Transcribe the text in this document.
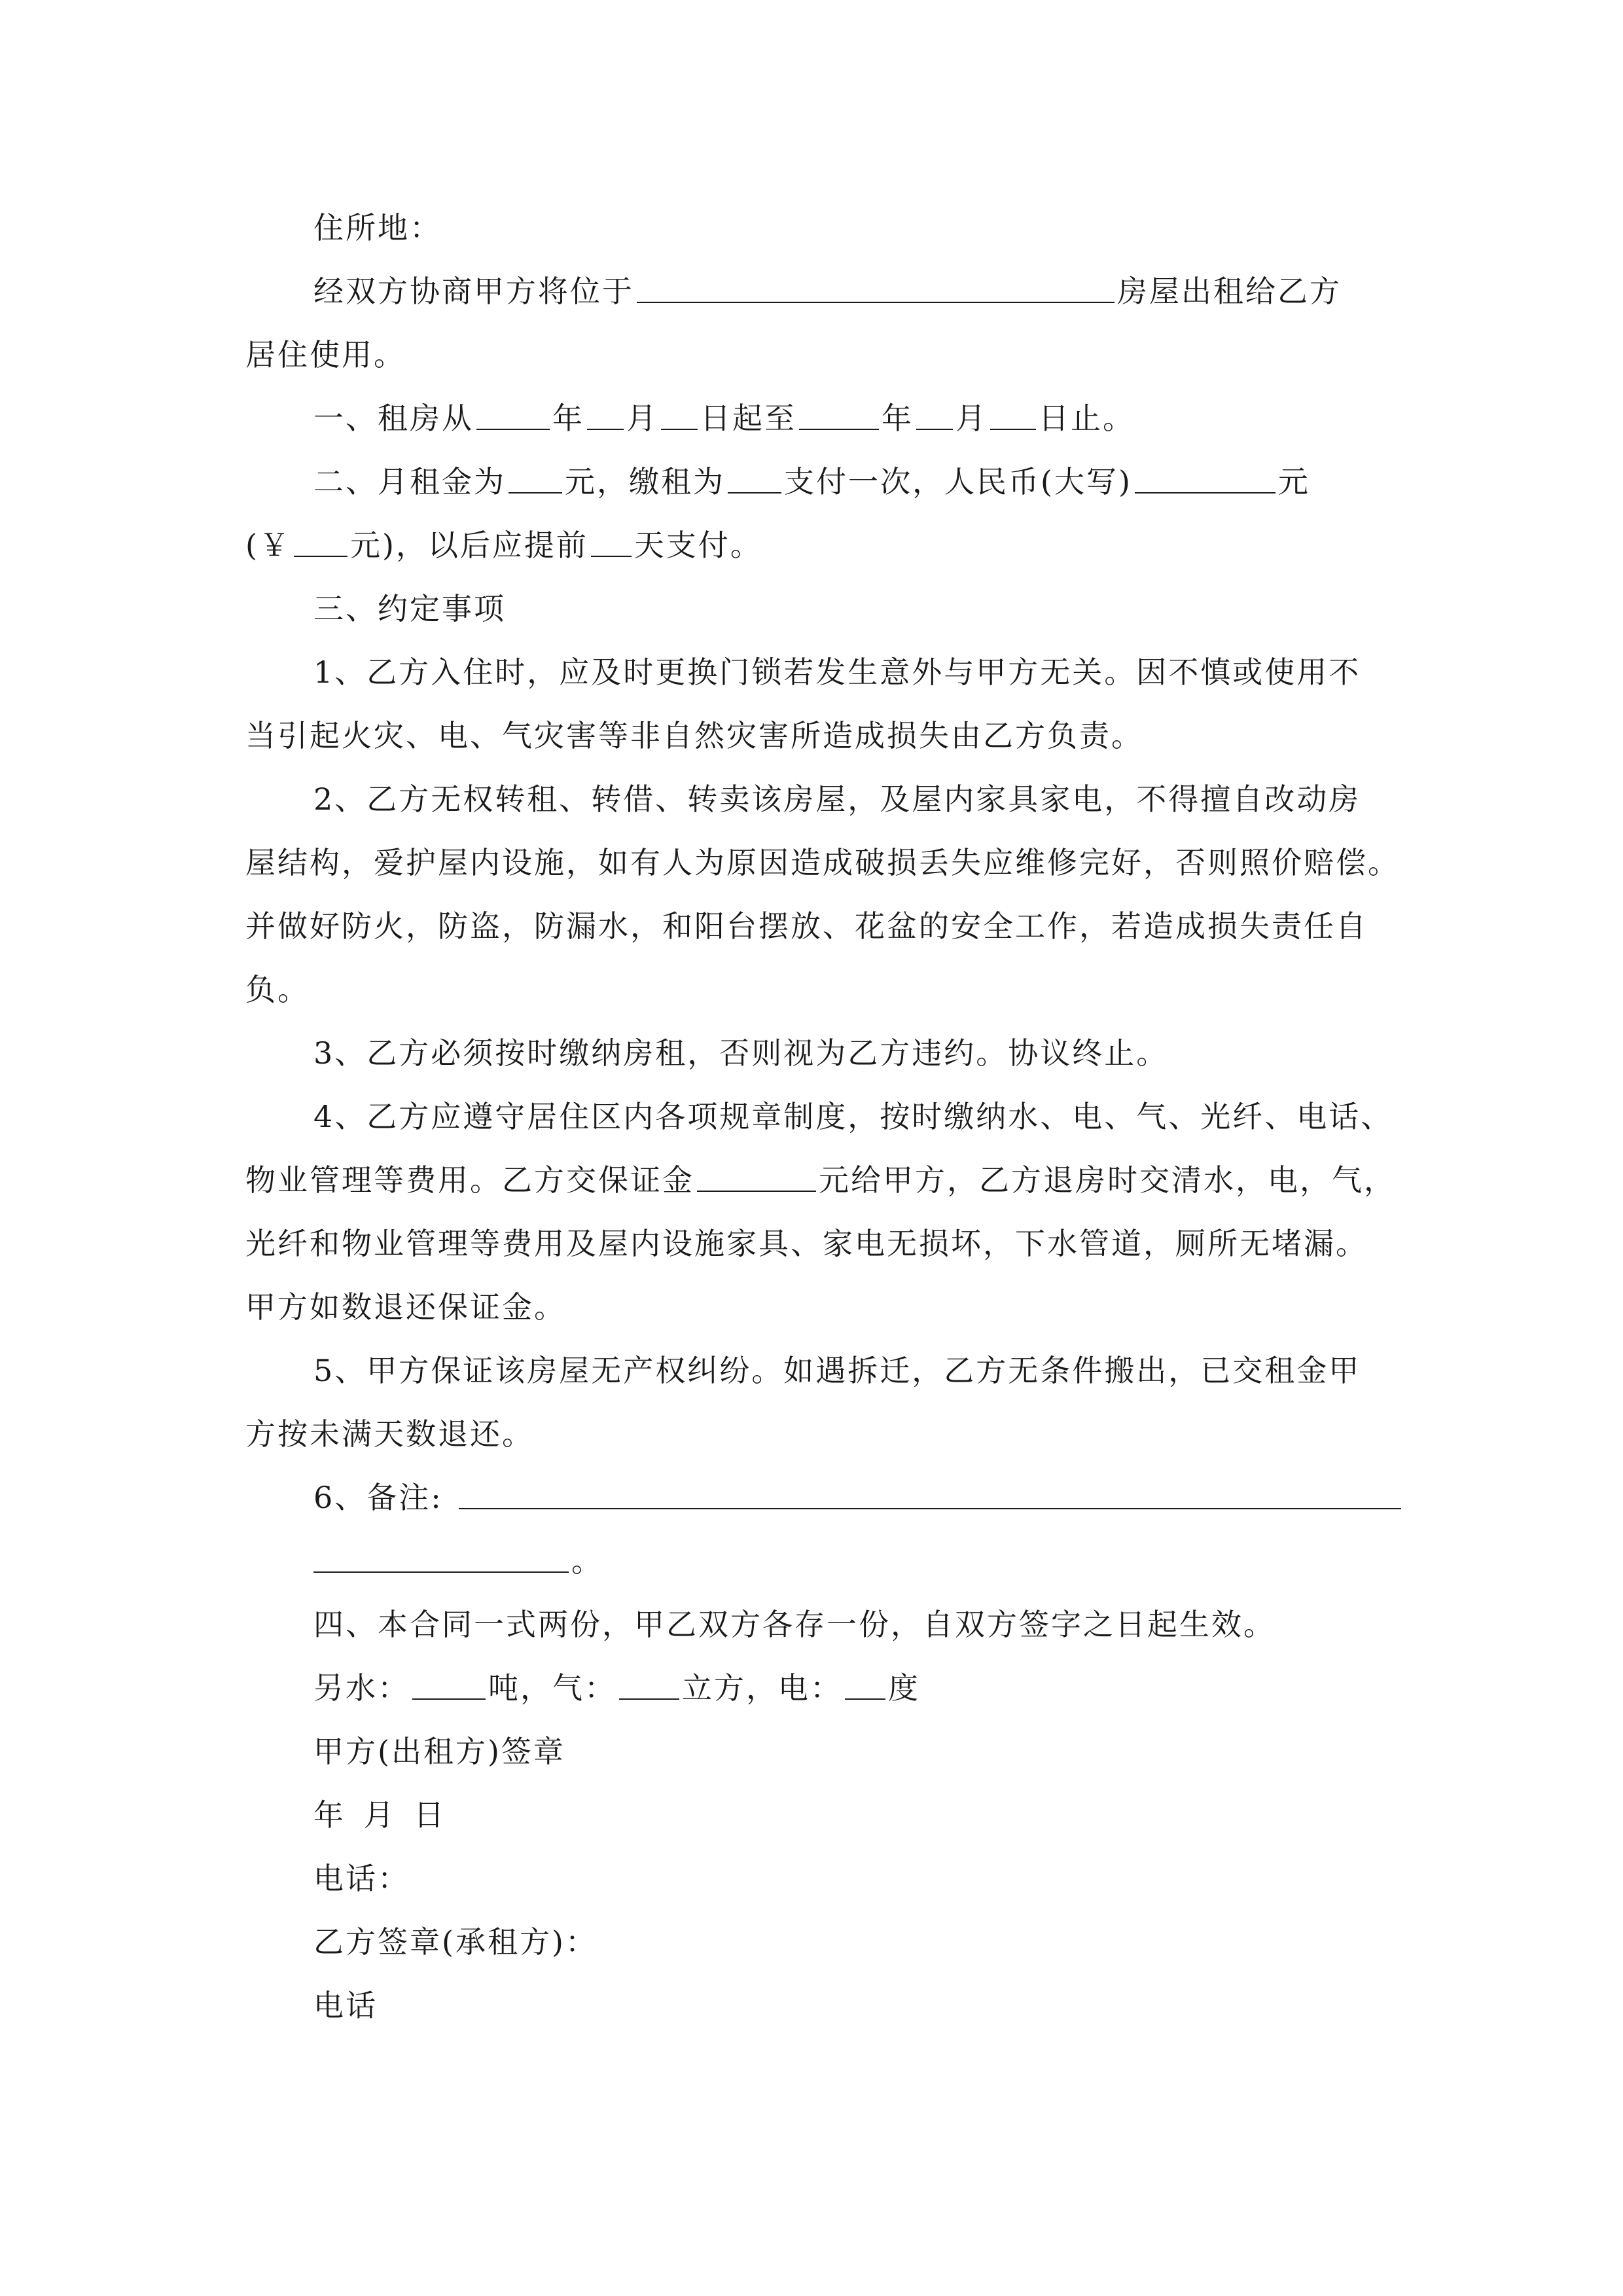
住所地：

经双方协商甲方将位于	房屋出租给乙方

居住使用。

一、租房从	年 月 日起至	年 月 日止。

二、月租金为 元，缴租为 支付一次，人民币(大写)	元

(￥ 元)，以后应提前 天支付。

三、约定事项

1、乙方入住时，应及时更换门锁若发生意外与甲方无关。因不慎或使用不

当引起火灾、电、气灾害等非自然灾害所造成损失由乙方负责。

2、乙方无权转租、转借、转卖该房屋，及屋内家具家电，不得擅自改动房

屋结构，爱护屋内设施，如有人为原因造成破损丢失应维修完好，否则照价赔偿。

并做好防火，防盗，防漏水，和阳台摆放、花盆的安全工作，若造成损失责任自

负。

3、乙方必须按时缴纳房租，否则视为乙方违约。协议终止。

4、乙方应遵守居住区内各项规章制度，按时缴纳水、电、气、光纤、电话、

物业管理等费用。乙方交保证金	元给甲方，乙方退房时交清水，电，气，

光纤和物业管理等费用及屋内设施家具、家电无损坏，下水管道，厕所无堵漏。

甲方如数退还保证金。

5、甲方保证该房屋无产权纠纷。如遇拆迁，乙方无条件搬出，已交租金甲

方按未满天数退还。

6、备注:

。

四、本合同一式两份，甲乙双方各存一份，自双方签字之日起生效。

另水：	吨，气： 立方，电： 度

甲方(出租方)签章

年 月 日

电话：

乙方签章(承租方)：

电话
